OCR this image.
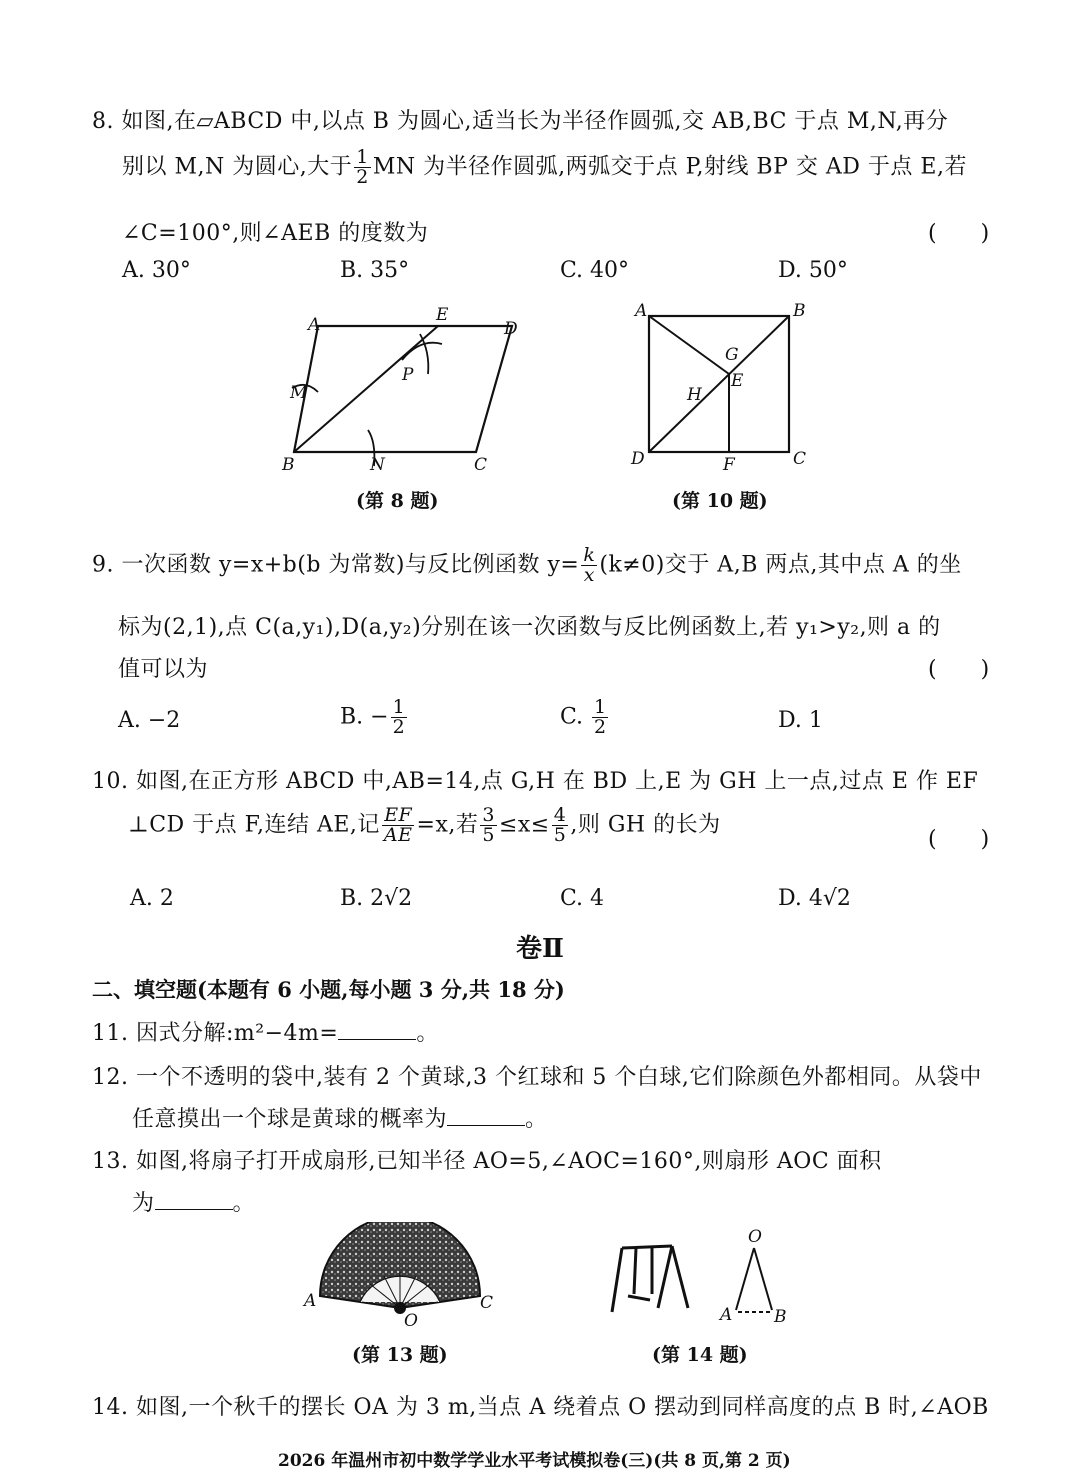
8. 如图,在▱ABCD 中,以点 B 为圆心,适当长为半径作圆弧,交 AB,BC 于点 M,N,再分
别以 M,N 为圆心,大于 $\frac{1}{2}$ MN 为半径作圆弧,两弧交于点 P,射线 BP 交 AD 于点 E,若
∠C=100°,则∠AEB 的度数为	(　　)
A. 30°	B. 35°	C. 40°	D. 50°
A	E
D
M
P
B	N	C
(第 8 题)
A	B
G
E
H
D	F	C
(第 10 题)
9. 一次函数 y=x+b(b 为常数)与反比例函数 $y= \frac{k}{x} (k\ne 0)$交于 A,B 两点,其中点 A 的坐
标为(2,1),点 C(a,y₁),D(a,y₂)分别在该一次函数与反比例函数上,若 y₁>y₂,则 a 的
值可以为	(　　)
A. −2	B. − $\frac{1}{2}$	C. $\frac{1}{2}$	D. 1
10. 如图,在正方形 ABCD 中,AB=14,点 G,H 在 BD 上,E 为 GH 上一点,过点 E 作 EF
⊥CD 于点 F,连结 AE,记 $\frac{EF}{AE} =x$,若 $\frac{3}{5} \le x\le \frac{4}{5}$ ,则 GH 的长为
(　　)
A. 2	B. 2√2	C. 4	D. 4√2
卷Ⅱ
二、填空题(本题有 6 小题,每小题 3 分,共 18 分)
11. 因式分解:m²−4m=	。
12. 一个不透明的袋中,装有 2 个黄球,3 个红球和 5 个白球,它们除颜色外都相同。从袋中
任意摸出一个球是黄球的概率为	。
13. 如图,将扇子打开成扇形,已知半径 AO=5,∠AOC=160°,则扇形 AOC 面积
为	。
A
O
C
(第 13 题)
O
A B
(第 14 题)
14. 如图,一个秋千的摆长 OA 为 3 m,当点 A 绕着点 O 摆动到同样高度的点 B 时,∠AOB
2026 年温州市初中数学学业水平考试模拟卷(三)(共 8 页,第 2 页)
